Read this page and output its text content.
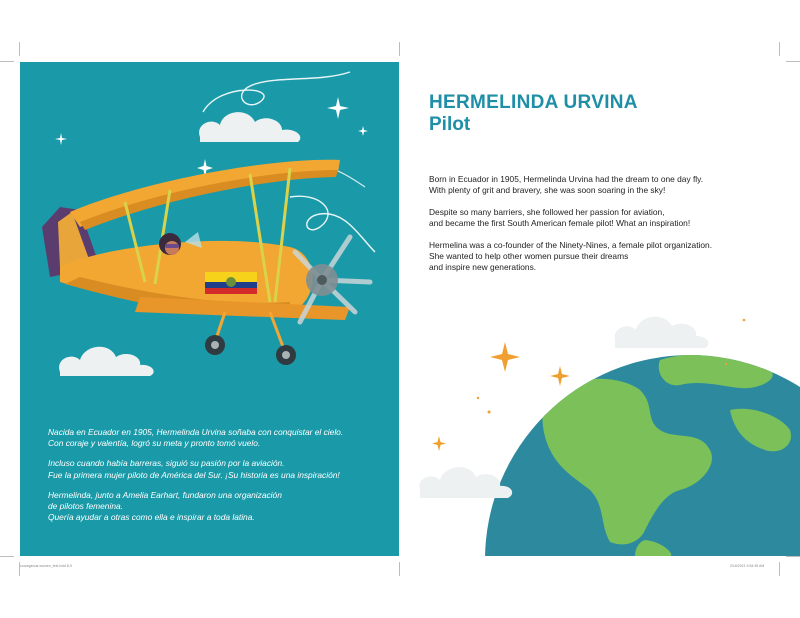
Nacida en Ecuador en 1905, Hermelinda Urvina soñaba con conquistar el cielo.
Con coraje y valentía, logró su meta y pronto tomó vuelo.

Incluso cuando había barreras, siguió su pasión por la aviación.
Fue la primera mujer piloto de América del Sur. ¡Su historia es una inspiración!

Hermelinda, junto a Amelia Earhart, fundaron una organización
de pilotos femenina.
Quería ayudar a otras como ella e inspirar a toda latina.

HERMELINDA URVINA
Pilot

Born in Ecuador in 1905, Hermelinda Urvina had the dream to one day fly.
With plenty of grit and bravery, she was soon soaring in the sky!

Despite so many barriers, she followed her passion for aviation,
and became the first South American female pilot! What an inspiration!

Hermelina was a co-founder of the Ninety-Nines, a female pilot organization.
She wanted to help other women pursue their dreams
and inspire new generations.

courageous-women_text.indd 8-9	2/16/2021 9:54:39 AM
